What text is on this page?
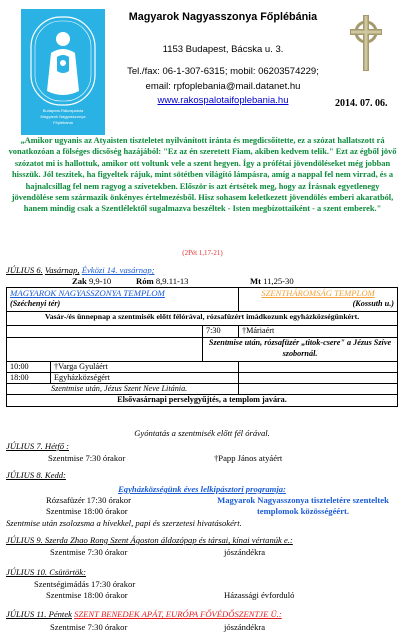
Budapest-Rákospalota
Magyarok Nagyasszonya
Főplébánia
Magyarok Nagyasszonya Főplébánia
1153 Budapest, Bácska u. 3.
Tel./fax: 06-1-307-6315; mobil: 06203574229;
email: rpfoplebania@mail.datanet.hu
www.rakospalotaifoplebania.hu	2014. 07. 06.
„Amikor ugyanis az Atyaisten tiszteletet nyilvánított iránta és megdicsőítette, ez a szózat hallatszott rá vonatkozóan a fölséges dicsőség hazájából: "Ez az én szeretett Fiam, akiben kedvem telik." Ezt az égből jövő szózatot mi is hallottuk, amikor ott voltunk vele a szent hegyen. Így a prófétai jövendöléseket még jobban hisszük. Jól teszitek, ha figyeltek rájuk, mint sötétben világító lámpásra, amíg a nappal fel nem virrad, és a hajnalcsillag fel nem ragyog a szívetekben. Először is azt értsétek meg, hogy az Írásnak egyetlenegy jövendölése sem származik önkényes értelmezésből. Hisz sohasem keletkezett jövendölés emberi akaratból, hanem mindig csak a Szentlélektől sugalmazva beszéltek - Isten megbízottaiként - a szent emberek."
(2Pét 1,17-21)
JÚLIUS 6. Vasárnap, Évközi 14. vasárnap;
Zak 9,9-10	Róm 8,9.11-13	Mt 11,25-30
MAGYAROK NAGYASSZONYA TEMPLOM
(Széchenyi tér)
SZENTHÁROMSÁG TEMPLOM
(Kossuth u.)
Vasár-/és ünnepnap a szentmisék előtt félórával, rózsafüzért imádkozunk egyházközségünkért.
7:30	†Máriaért
Szentmise után, rózsafüzér „titok-csere" a Jézus Szíve szobornál.
10:00	†Varga Gyuláért
18:00	Egyházközségért
Szentmise után, Jézus Szent Neve Litánia.
Elsővasárnapi perselygyűjtés, a templom javára.
Gyóntatás a szentmisék előtt fél órával.
JÚLIUS 7. Hétfő :
Szentmise 7:30 órakor	†Papp János atyáért
JÚLIUS 8. Kedd:
Egyházközségünk éves lelkipásztori programja:
Rózsafüzér 17:30 órakor
Szentmise 18:00 órakor
Magyarok Nagyasszonya tiszteletére szenteltek templomok közösségéért.
Szentmise után zsolozsma a hívekkel, papi és szerzetesi hivatásokért.
JÚLIUS 9. Szerda Zhao Rong Szent Ágoston áldozópap és társai, kínai vértanúk e.:
Szentmise 7:30 órakor	jószándékra
JÚLIUS 10. Csütörtök:
Szentségimádás 17:30 órakor
Szentmise 18:00 órakor	Házassági évforduló
JÚLIUS 11. Péntek SZENT BENEDEK APÁT, EURÓPA FŐVÉDŐSZENTJE Ü.:
Szentmise 7:30 órakor	jószándékra
